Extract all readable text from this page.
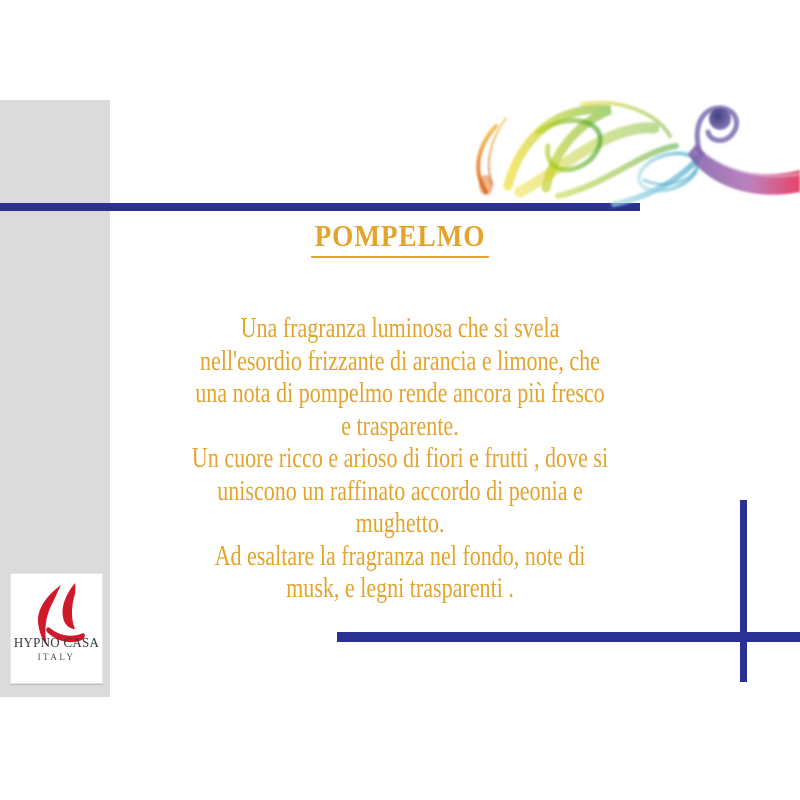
POMPELMO
Una fragranza luminosa che si svela
nell'esordio frizzante di arancia e limone, che
una nota di pompelmo rende ancora più fresco
e trasparente.
Un cuore ricco e arioso di fiori e frutti , dove si
uniscono un raffinato accordo di peonia e
mughetto.
Ad esaltare la fragranza nel fondo, note di
musk, e legni trasparenti .
HYPNO CASA
ITALY
